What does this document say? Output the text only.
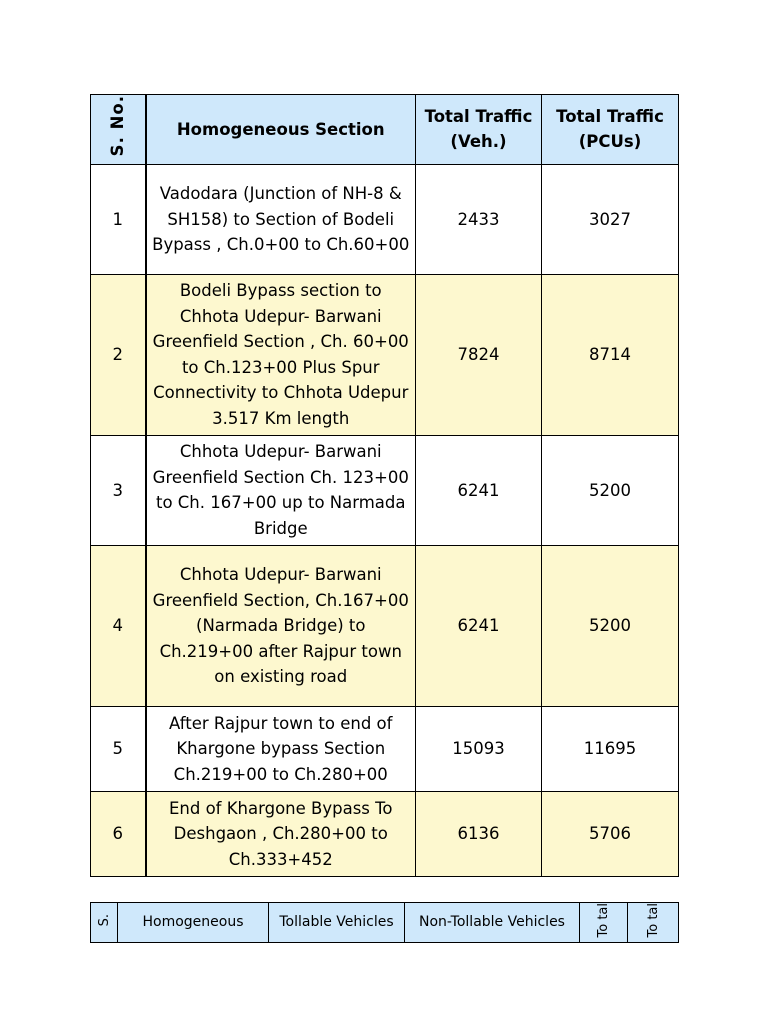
S. No.	Homogeneous Section	Total Traffic (Veh.)	Total Traffic (PCUs)
1	Vadodara (Junction of NH-8 & SH158) to Section of Bodeli Bypass , Ch.0+00 to Ch.60+00	2433	3027
2	Bodeli Bypass section to Chhota Udepur- Barwani Greenfield Section , Ch. 60+00 to Ch.123+00 Plus Spur Connectivity to Chhota Udepur 3.517 Km length	7824	8714
3	Chhota Udepur- Barwani Greenfield Section Ch. 123+00 to Ch. 167+00 up to Narmada Bridge	6241	5200
4	Chhota Udepur- Barwani Greenfield Section, Ch.167+00 (Narmada Bridge) to Ch.219+00 after Rajpur town on existing road	6241	5200
5	After Rajpur town to end of Khargone bypass Section Ch.219+00 to Ch.280+00	15093	11695
6	End of Khargone Bypass To Deshgaon , Ch.280+00 to Ch.333+452	6136	5706
S.	Homogeneous	Tollable Vehicles	Non-Tollable Vehicles	To tal	To tal
